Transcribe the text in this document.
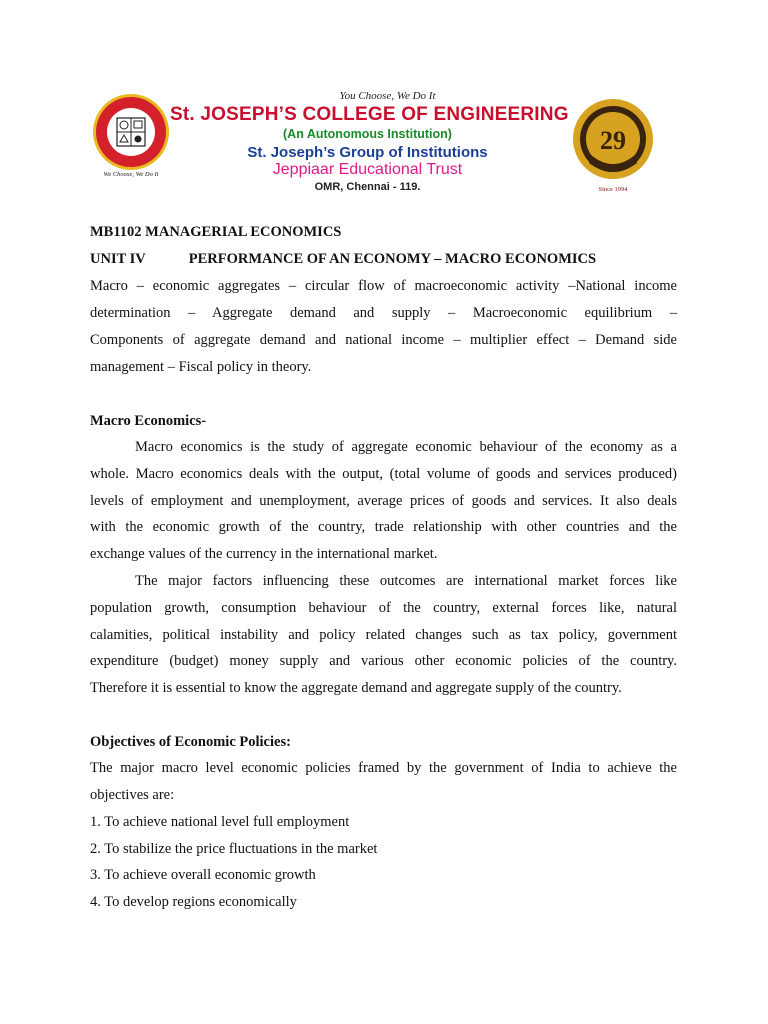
We Choose, We Do It
You Choose, We Do It
St. JOSEPH’S COLLEGE OF ENGINEERING
(An Autonomous Institution)
St. Joseph’s Group of Institutions
Jeppiaar Educational Trust
OMR, Chennai - 119.
29
Since 1994
MB1102 MANAGERIAL ECONOMICS
UNIT IV	PERFORMANCE OF AN ECONOMY – MACRO ECONOMICS
Macro – economic aggregates – circular flow of macroeconomic activity –National income
determination – Aggregate demand and supply – Macroeconomic equilibrium –
Components of aggregate demand and national income – multiplier effect – Demand side
management – Fiscal policy in theory.
Macro Economics-
Macro economics is the study of aggregate economic behaviour of the economy as a
whole. Macro economics deals with the output, (total volume of goods and services produced)
levels of employment and unemployment, average prices of goods and services. It also deals
with the economic growth of the country, trade relationship with other countries and the
exchange values of the currency in the international market.
The major factors influencing these outcomes are international market forces like
population growth, consumption behaviour of the country, external forces like, natural
calamities, political instability and policy related changes such as tax policy, government
expenditure (budget) money supply and various other economic policies of the country.
Therefore it is essential to know the aggregate demand and aggregate supply of the country.
Objectives of Economic Policies:
The major macro level economic policies framed by the government of India to achieve the
objectives are:
1. To achieve national level full employment
2. To stabilize the price fluctuations in the market
3. To achieve overall economic growth
4. To develop regions economically
